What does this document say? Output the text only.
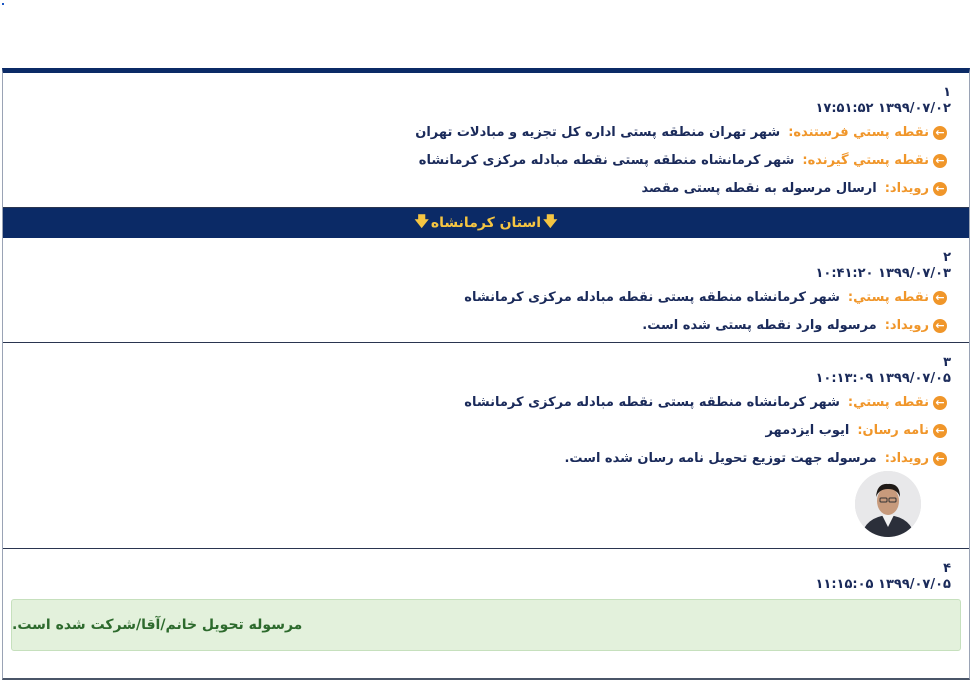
۱
۱۷:۵۱:۵۲ ۱۳۹۹/۰۷/۰۲
←
نقطه پستي فرستنده:
شهر تهران منطقه پستی اداره کل تجزیه و مبادلات تهران
←
نقطه پستي گيرنده:
شهر کرمانشاه منطقه پستی نقطه مبادله مرکزی کرمانشاه
←
رويداد:
ارسال مرسوله به نقطه پستی مقصد
🡇 استان کرمانشاه 🡇
۲
۱۰:۴۱:۲۰ ۱۳۹۹/۰۷/۰۳
←
نقطه پستي:
شهر کرمانشاه منطقه پستی نقطه مبادله مرکزی کرمانشاه
←
رويداد:
مرسوله وارد نقطه پستی شده است.
۳
۱۰:۱۳:۰۹ ۱۳۹۹/۰۷/۰۵
←
نقطه پستي:
شهر کرمانشاه منطقه پستی نقطه مبادله مرکزی کرمانشاه
←
نامه رسان:
ايوب ایزدمهر
←
رويداد:
مرسوله جهت توزیع تحویل نامه رسان شده است.
۴
۱۱:۱۵:۰۵ ۱۳۹۹/۰۷/۰۵
مرسوله تحویل خانم/آقا/شرکت شده است.
